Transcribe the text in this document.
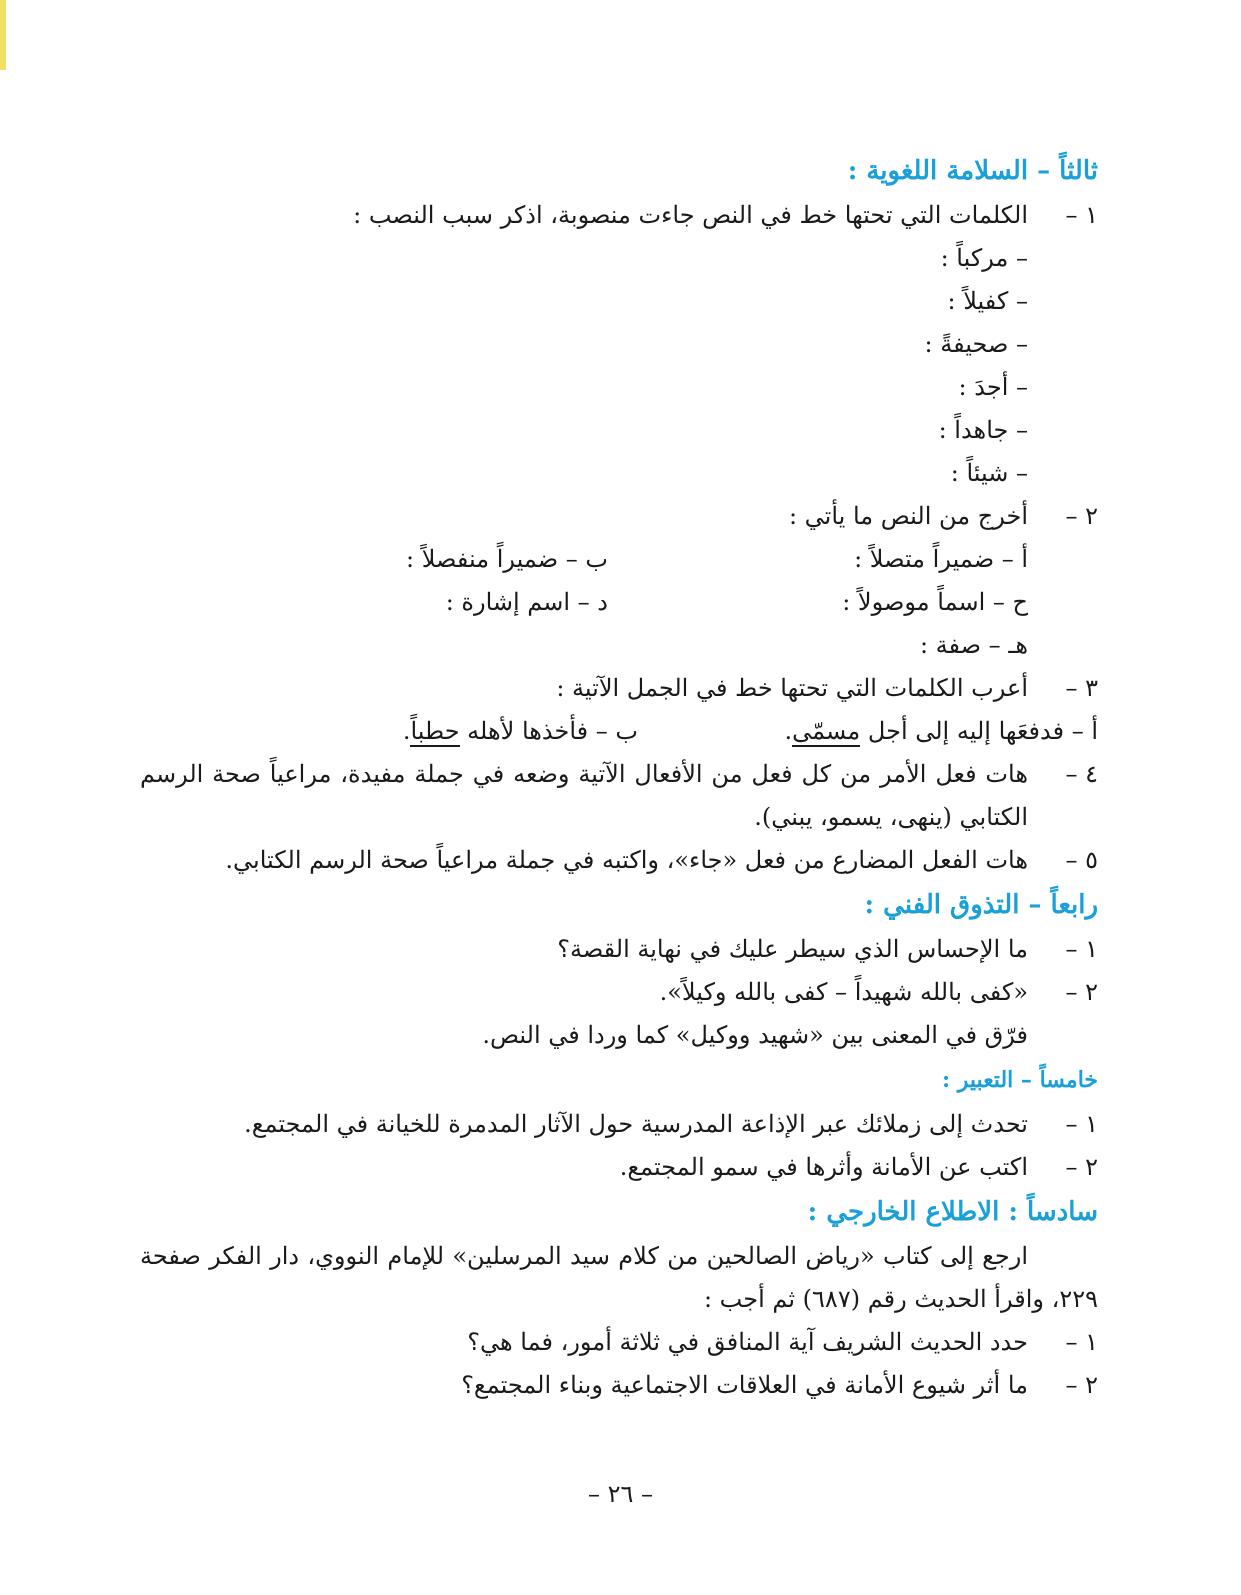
ثالثاً – السلامة اللغوية :
١ –
الكلمات التي تحتها خط في النص جاءت منصوبة، اذكر سبب النصب :
– مركباً :
– كفيلاً :
– صحيفةً :
– أجدَ :
– جاهداً :
– شيئاً :
٢ –
أخرج من النص ما يأتي :
أ – ضميراً متصلاً :
ب – ضميراً منفصلاً :
ح – اسماً موصولاً :
د – اسم إشارة :
هـ – صفة :
٣ –
أعرب الكلمات التي تحتها خط في الجمل الآتية :
أ – فدفعَها إليه إلى أجل مسمّى.
ب – فأخذها لأهله حطباً.
٤ –
هات فعل الأمر من كل فعل من الأفعال الآتية وضعه في جملة مفيدة، مراعياً صحة الرسم الكتابي (ينهى، يسمو، يبني).
٥ –
هات الفعل المضارع من فعل «جاء»، واكتبه في جملة مراعياً صحة الرسم الكتابي.
رابعاً – التذوق الفني :
١ –
ما الإحساس الذي سيطر عليك في نهاية القصة؟
٢ –
«كفى بالله شهيداً – كفى بالله وكيلاً».
فرّق في المعنى بين «شهيد ووكيل» كما وردا في النص.
خامساً – التعبير :
١ –
تحدث إلى زملائك عبر الإذاعة المدرسية حول الآثار المدمرة للخيانة في المجتمع.
٢ –
اكتب عن الأمانة وأثرها في سمو المجتمع.
سادساً : الاطلاع الخارجي :
ارجع إلى كتاب «رياض الصالحين من كلام سيد المرسلين» للإمام النووي، دار الفكر صفحة ٢٢٩، واقرأ الحديث رقم (٦٨٧) ثم أجب :
١ –
حدد الحديث الشريف آية المنافق في ثلاثة أمور، فما هي؟
٢ –
ما أثر شيوع الأمانة في العلاقات الاجتماعية وبناء المجتمع؟
– ٢٦ –
